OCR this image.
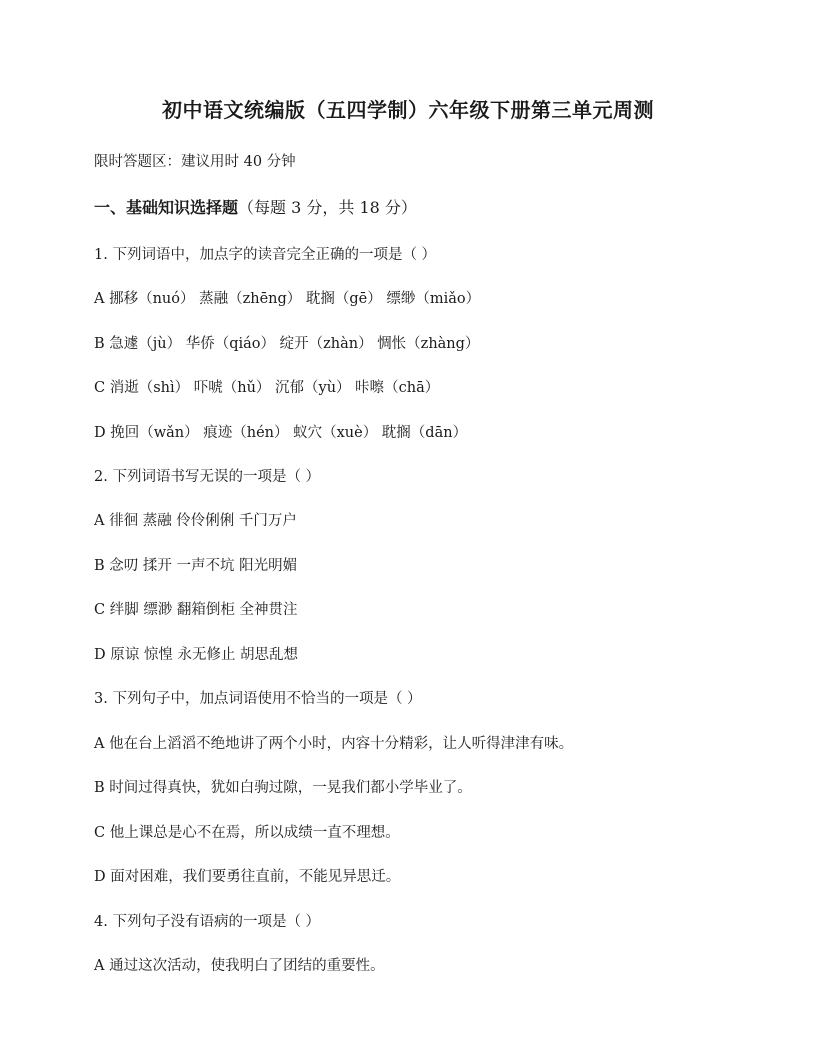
初中语文统编版（五四学制）六年级下册第三单元周测

限时答题区：建议用时 40 分钟

一、基础知识选择题（每题 3 分，共 18 分）

1. 下列词语中，加点字的读音完全正确的一项是（ ）

A 挪移（nuó） 蒸融（zhēng） 耽搁（gē） 缥缈（miǎo）

B 急遽（jù） 华侨（qiáo） 绽开（zhàn） 惆怅（zhàng）

C 消逝（shì） 吓唬（hǔ） 沉郁（yù） 咔嚓（chā）

D 挽回（wǎn） 痕迹（hén） 蚁穴（xuè） 耽搁（dān）

2. 下列词语书写无误的一项是（ ）

A 徘徊 蒸融 伶伶俐俐 千门万户

B 念叨 揉开 一声不坑 阳光明媚

C 绊脚 缥渺 翻箱倒柜 全神贯注

D 原谅 惊惶 永无修止 胡思乱想

3. 下列句子中，加点词语使用不恰当的一项是（ ）

A 他在台上滔滔不绝地讲了两个小时，内容十分精彩，让人听得津津有味。

B 时间过得真快，犹如白驹过隙，一晃我们都小学毕业了。

C 他上课总是心不在焉，所以成绩一直不理想。

D 面对困难，我们要勇往直前，不能见异思迁。

4. 下列句子没有语病的一项是（ ）

A 通过这次活动，使我明白了团结的重要性。
